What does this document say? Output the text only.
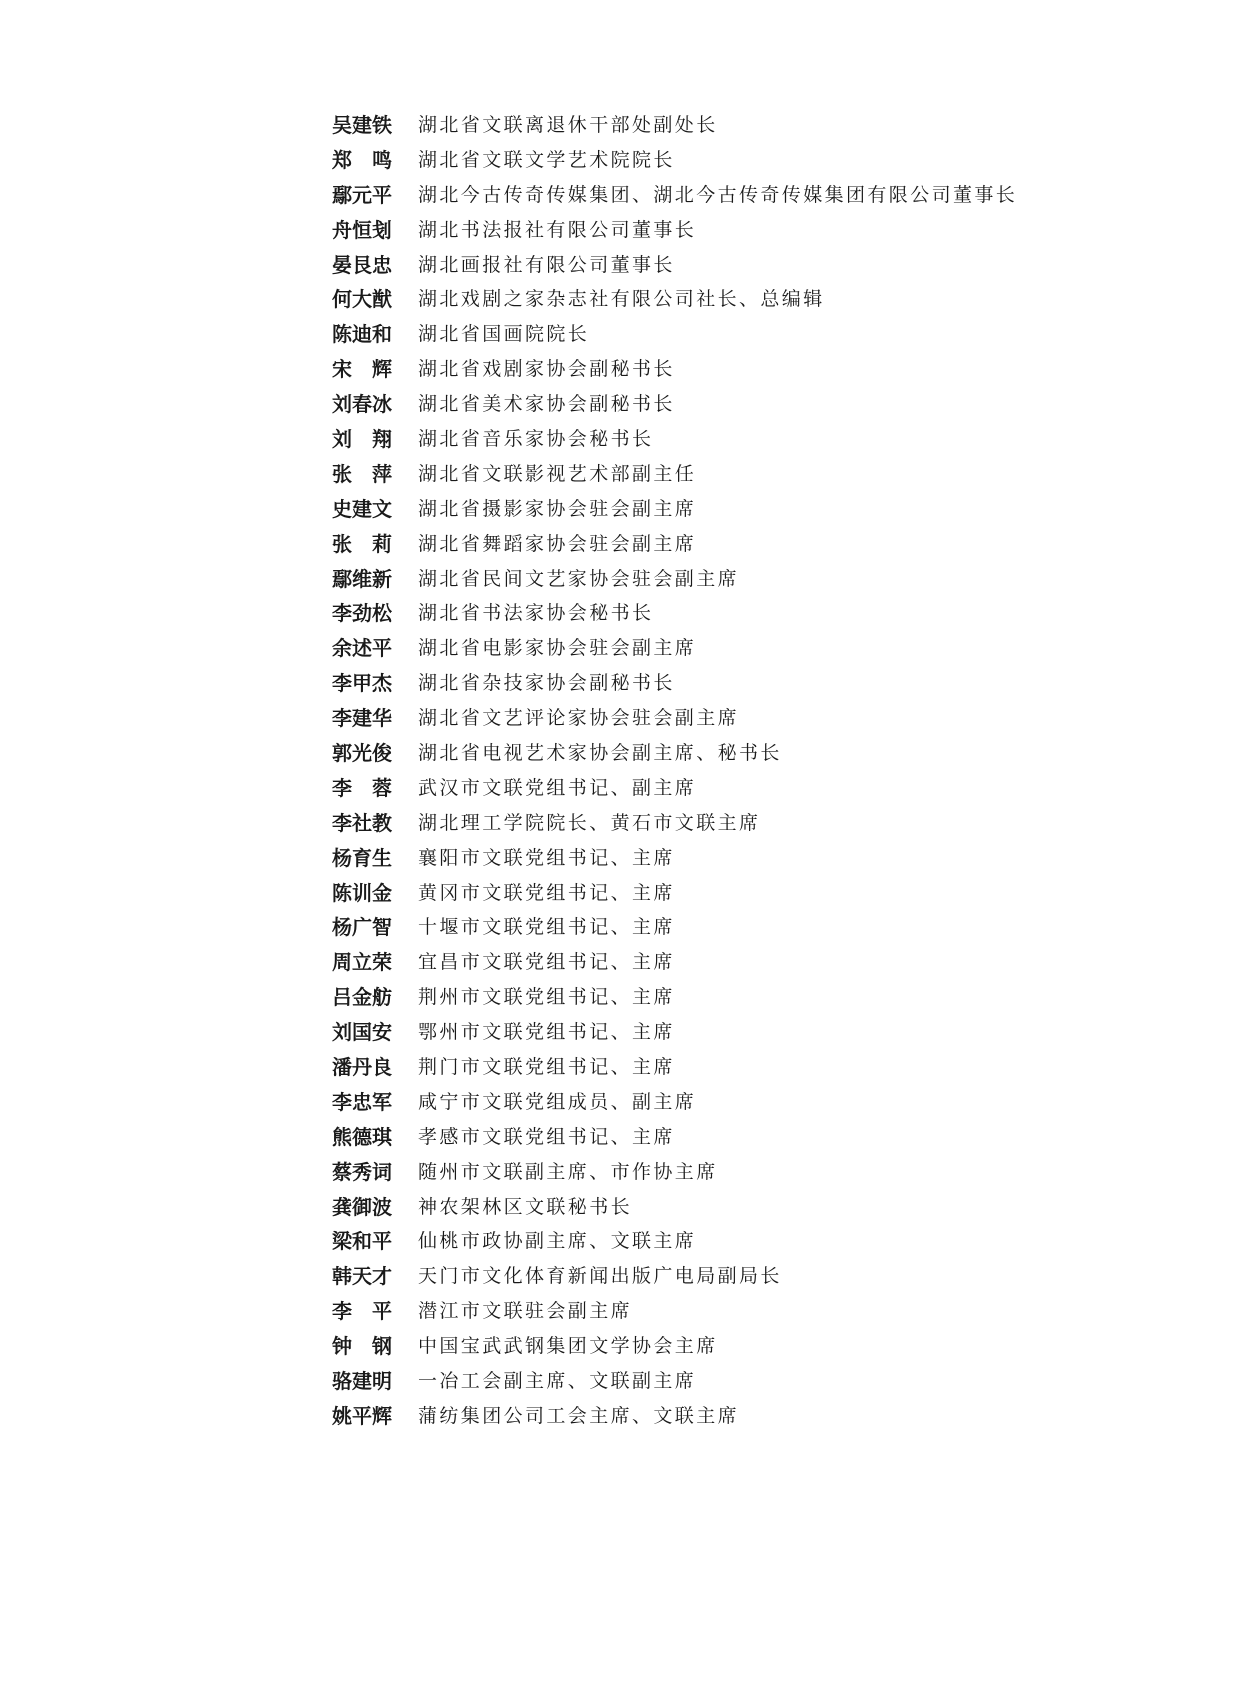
吴建铁	湖北省文联离退休干部处副处长
郑　鸣	湖北省文联文学艺术院院长
鄢元平	湖北今古传奇传媒集团、湖北今古传奇传媒集团有限公司董事长
舟恒刬	湖北书法报社有限公司董事长
晏艮忠	湖北画报社有限公司董事长
何大猷	湖北戏剧之家杂志社有限公司社长、总编辑
陈迪和	湖北省国画院院长
宋　辉	湖北省戏剧家协会副秘书长
刘春冰	湖北省美术家协会副秘书长
刘　翔	湖北省音乐家协会秘书长
张　萍	湖北省文联影视艺术部副主任
史建文	湖北省摄影家协会驻会副主席
张　莉	湖北省舞蹈家协会驻会副主席
鄢维新	湖北省民间文艺家协会驻会副主席
李劲松	湖北省书法家协会秘书长
余述平	湖北省电影家协会驻会副主席
李甲杰	湖北省杂技家协会副秘书长
李建华	湖北省文艺评论家协会驻会副主席
郭光俊	湖北省电视艺术家协会副主席、秘书长
李　蓉	武汉市文联党组书记、副主席
李社教	湖北理工学院院长、黄石市文联主席
杨育生	襄阳市文联党组书记、主席
陈训金	黄冈市文联党组书记、主席
杨广智	十堰市文联党组书记、主席
周立荣	宜昌市文联党组书记、主席
吕金舫	荆州市文联党组书记、主席
刘国安	鄂州市文联党组书记、主席
潘丹良	荆门市文联党组书记、主席
李忠军	咸宁市文联党组成员、副主席
熊德琪	孝感市文联党组书记、主席
蔡秀词	随州市文联副主席、市作协主席
龚御波	神农架林区文联秘书长
梁和平	仙桃市政协副主席、文联主席
韩天才	天门市文化体育新闻出版广电局副局长
李　平	潜江市文联驻会副主席
钟　钢	中国宝武武钢集团文学协会主席
骆建明	一冶工会副主席、文联副主席
姚平辉	蒲纺集团公司工会主席、文联主席
